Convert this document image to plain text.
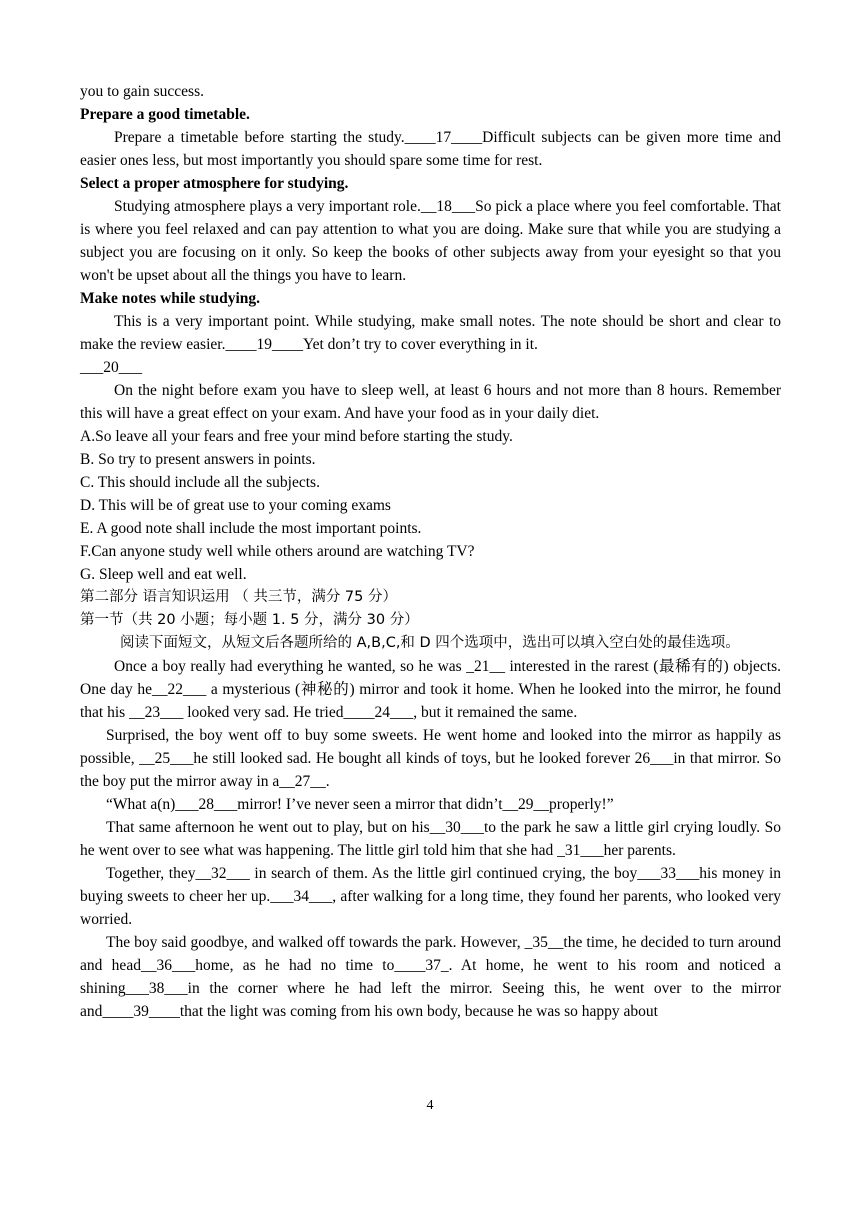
you to gain success.

Prepare a good timetable.

Prepare a timetable before starting the study.____17____Difficult subjects can be given more time and easier ones less, but most importantly you should spare some time for rest.

Select a proper atmosphere for studying.

Studying atmosphere plays a very important role.__18___So pick a place where you feel comfortable. That is where you feel relaxed and can pay attention to what you are doing. Make sure that while you are studying a subject you are focusing on it only. So keep the books of other subjects away from your eyesight so that you won't be upset about all the things you have to learn.

Make notes while studying.

This is a very important point. While studying, make small notes. The note should be short and clear to make the review easier.____19____Yet don’t try to cover everything in it.

___20___

On the night before exam you have to sleep well, at least 6 hours and not more than 8 hours. Remember this will have a great effect on your exam. And have your food as in your daily diet.

A.So leave all your fears and free your mind before starting the study.

B. So try to present answers in points.

C. This should include all the subjects.

D. This will be of great use to your coming exams

E. A good note shall include the most important points.

F.Can anyone study well while others around are watching TV?

G. Sleep well and eat well.

第二部分 语言知识运用 （ 共三节，满分 75 分）

第一节（共 20 小题；每小题 1. 5 分，满分 30 分）

阅读下面短文，从短文后各题所给的 A,B,C,和 D 四个选项中，选出可以填入空白处的最佳选项。

Once a boy really had everything he wanted, so he was _21__ interested in the rarest (最稀有的) objects. One day he__22___ a mysterious (神秘的) mirror and took it home. When he looked into the mirror, he found that his __23___ looked very sad. He tried____24___, but it remained the same.

Surprised, the boy went off to buy some sweets. He went home and looked into the mirror as happily as possible, __25___he still looked sad. He bought all kinds of toys, but he looked forever 26___in that mirror. So the boy put the mirror away in a__27__.

“What a(n)___28___mirror! I’ve never seen a mirror that didn’t__29__properly!”

That same afternoon he went out to play, but on his__30___to the park he saw a little girl crying loudly. So he went over to see what was happening. The little girl told him that she had _31___her parents.

Together, they__32___ in search of them. As the little girl continued crying, the boy___33___his money in buying sweets to cheer her up.___34___, after walking for a long time, they found her parents, who looked very worried.

The boy said goodbye, and walked off towards the park. However, _35__the time, he decided to turn around and head__36___home, as he had no time to____37_. At home, he went to his room and noticed a shining___38___in the corner where he had left the mirror. Seeing this, he went over to the mirror and____39____that the light was coming from his own body, because he was so happy about

4
